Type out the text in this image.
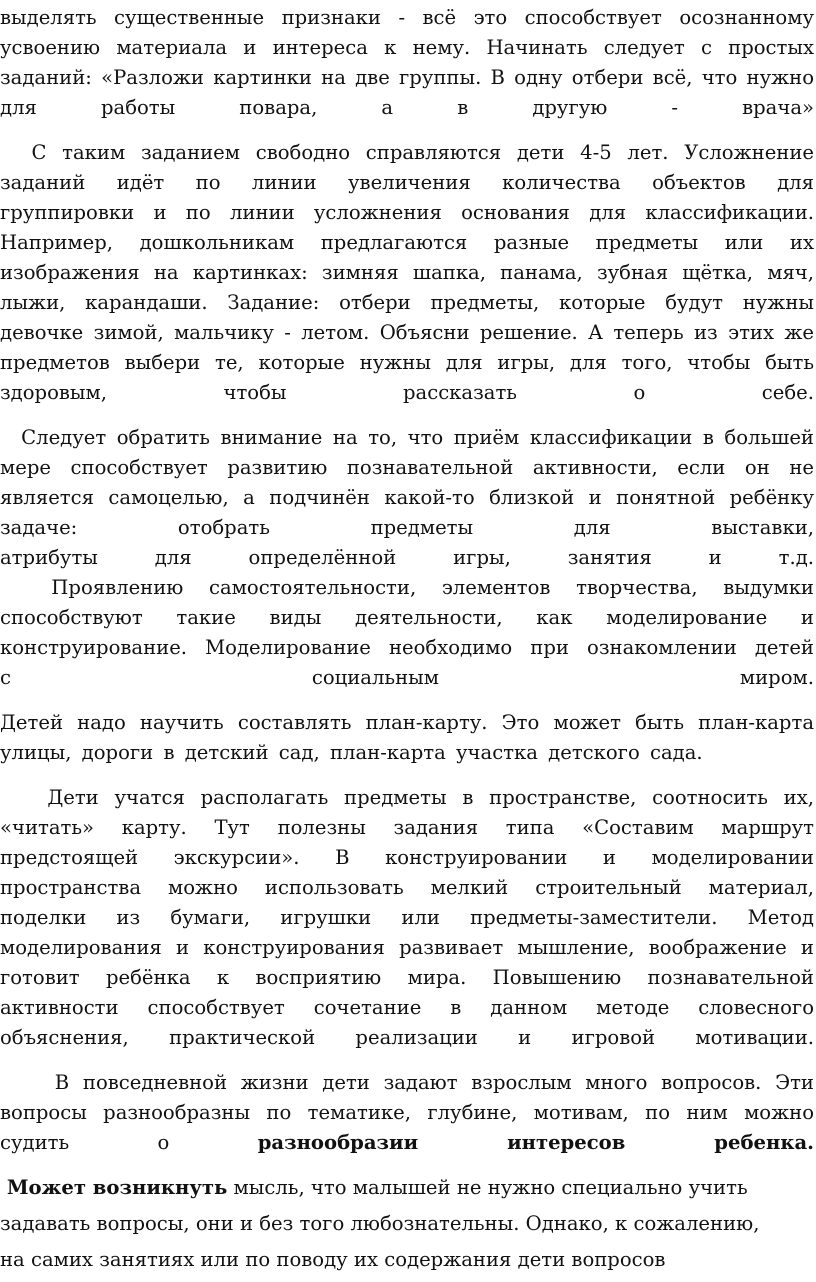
выделять существенные признаки - всё это способствует осознанному
усвоению материала и интереса к нему. Начинать следует с простых
заданий: «Разложи картинки на две группы. В одну отбери всё, что нужно
для работы повара, а в другую - врача»
С таким заданием свободно справляются дети 4-5 лет. Усложнение
заданий идёт по линии увеличения количества объектов для
группировки и по линии усложнения основания для классификации.
Например, дошкольникам предлагаются разные предметы или их
изображения на картинках: зимняя шапка, панама, зубная щётка, мяч,
лыжи, карандаши. Задание: отбери предметы, которые будут нужны
девочке зимой, мальчику - летом. Объясни решение. А теперь из этих же
предметов выбери те, которые нужны для игры, для того, чтобы быть
здоровым, чтобы рассказать о себе.
Следует обратить внимание на то, что приём классификации в большей
мере способствует развитию познавательной активности, если он не
является самоцелью, а подчинён какой-то близкой и понятной ребёнку
задаче: отобрать предметы для выставки,
атрибуты для определённой игры, занятия и т.д.
Проявлению самостоятельности, элементов творчества, выдумки
способствуют такие виды деятельности, как моделирование и
конструирование. Моделирование необходимо при ознакомлении детей
с социальным миром.
Детей надо научить составлять план-карту. Это может быть план-карта
улицы, дороги в детский сад, план-карта участка детского сада.
Дети учатся располагать предметы в пространстве, соотносить их,
«читать» карту. Тут полезны задания типа «Составим маршрут
предстоящей экскурсии». В конструировании и моделировании
пространства можно использовать мелкий строительный материал,
поделки из бумаги, игрушки или предметы-заместители. Метод
моделирования и конструирования развивает мышление, воображение и
готовит ребёнка к восприятию мира. Повышению познавательной
активности способствует сочетание в данном методе словесного
объяснения, практической реализации и игровой мотивации.
В повседневной жизни дети задают взрослым много вопросов. Эти
вопросы разнообразны по тематике, глубине, мотивам, по ним можно
судить о разнообразии интересов ребенка.
Может возникнуть мысль, что малышей не нужно специально учить
задавать вопросы, они и без того любознательны. Однако, к сожалению,
на самих занятиях или по поводу их содержания дети вопросов
